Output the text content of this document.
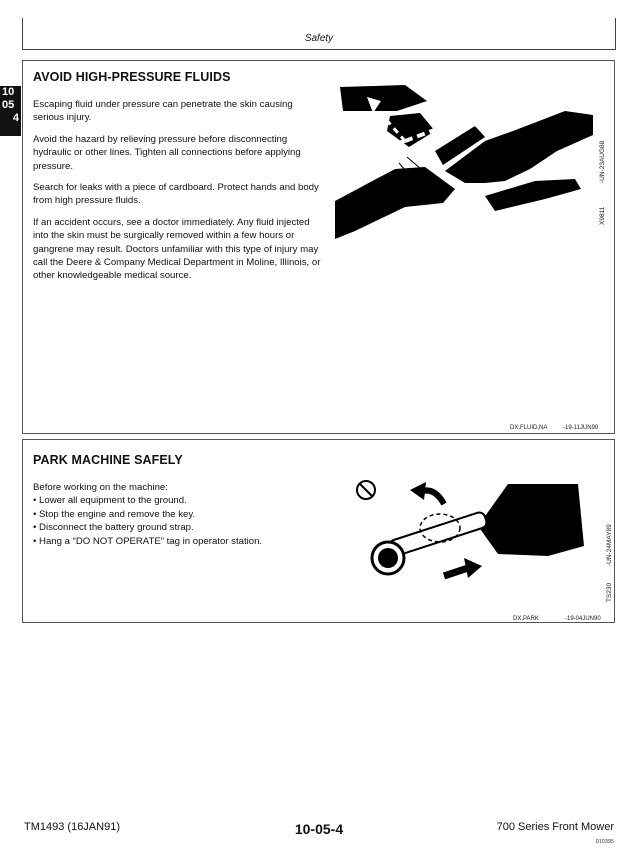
Safety
10
05
4
AVOID HIGH-PRESSURE FLUIDS

Escaping fluid under pressure can penetrate the skin causing serious injury.

Avoid the hazard by relieving pressure before disconnecting hydraulic or other lines. Tighten all connections before applying pressure.

Search for leaks with a piece of cardboard. Protect hands and body from high pressure fluids.

If an accident occurs, see a doctor immediately. Any fluid injected into the skin must be surgically removed within a few hours or gangrene may result. Doctors unfamiliar with this type of injury may call the Deere & Company Medical Department in Moline, Illinois, or other knowledgeable medical source.

X9811
-UN-23AUG88
DX,FLUID,NA	-19-11JUN90
PARK MACHINE SAFELY
Before working on the machine:
• Lower all equipment to the ground.
• Stop the engine and remove the key.
• Disconnect the battery ground strap.
• Hang a “DO NOT OPERATE” tag in operator station.
TS230
-UN-24MAY89
DX,PARK	-19-04JUN90
TM1493 (16JAN91)	10-05-4	700 Series Front Mower
010395
